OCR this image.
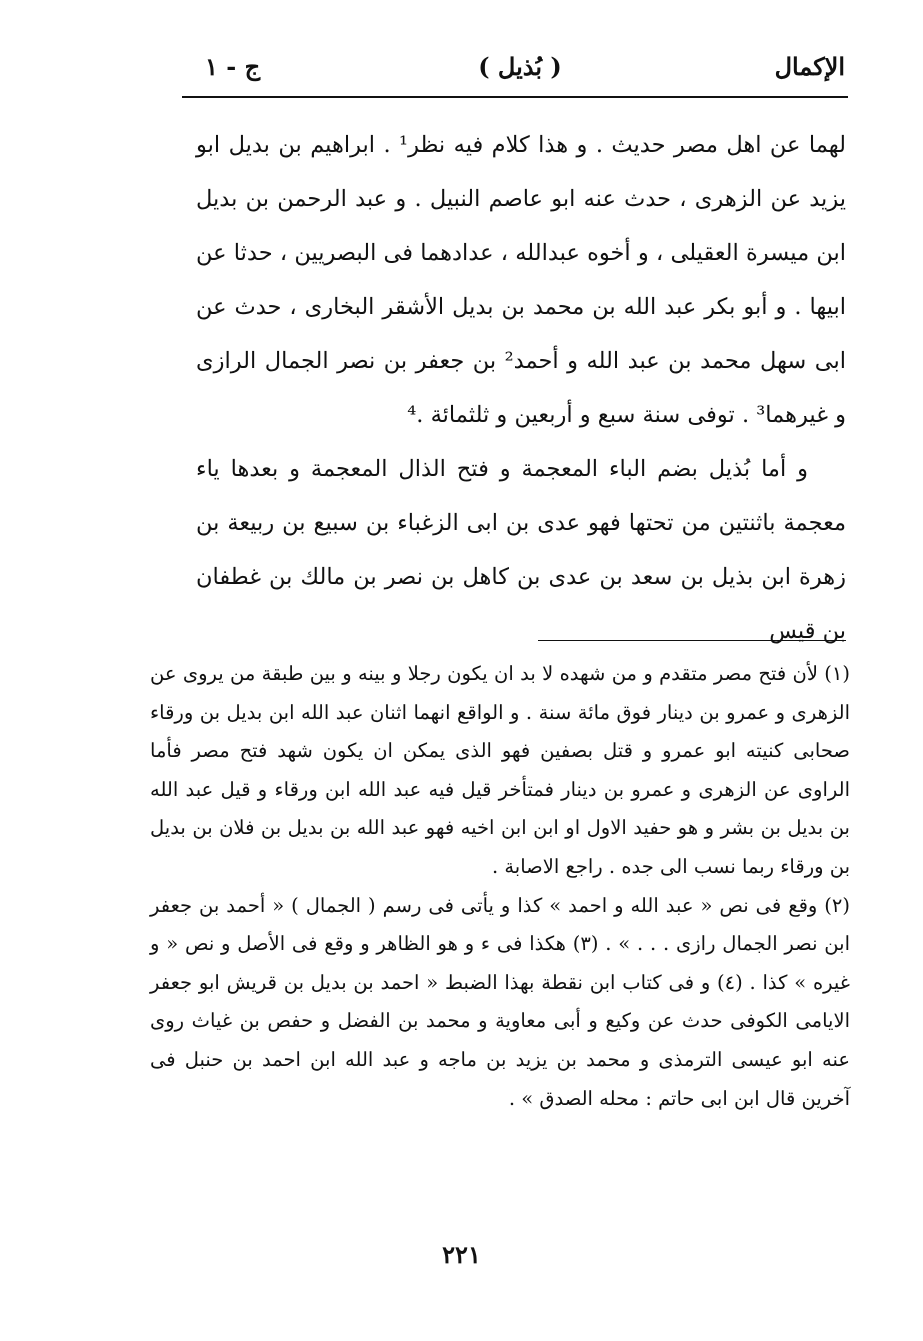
الإكمال
( بُذيل )
ج - ١

لهما عن اهل مصر حديث . و هذا كلام فيه نظر¹ . ابراهيم بن بديل ابو يزيد عن الزهرى ، حدث عنه ابو عاصم النبيل . و عبد الرحمن بن بديل ابن ميسرة العقيلى ، و أخوه عبدالله ، عدادهما فى البصريين ، حدثا عن ابيها . و أبو بكر عبد الله بن محمد بن بديل الأشقر البخارى ، حدث عن ابى سهل محمد بن عبد الله و أحمد² بن جعفر بن نصر الجمال الرازى و غيرهما³ . توفى سنة سبع و أربعين و ثلثمائة .⁴

و أما بُذيل بضم الباء المعجمة و فتح الذال المعجمة و بعدها ياء معجمة باثنتين من تحتها فهو عدى بن ابى الزغباء بن سبيع بن ربيعة بن زهرة ابن بذيل بن سعد بن عدى بن كاهل بن نصر بن مالك بن غطفان بن قيس

(١) لأن فتح مصر متقدم و من شهده لا بد ان يكون رجلا و بينه و بين طبقة من يروى عن الزهرى و عمرو بن دينار فوق مائة سنة . و الواقع انهما اثنان عبد الله ابن بديل بن ورقاء صحابى كنيته ابو عمرو و قتل بصفين فهو الذى يمكن ان يكون شهد فتح مصر فأما الراوى عن الزهرى و عمرو بن دينار فمتأخر قيل فيه عبد الله ابن ورقاء و قيل عبد الله بن بديل بن بشر و هو حفيد الاول او ابن ابن اخيه فهو عبد الله بن بديل بن فلان بن بديل بن ورقاء ربما نسب الى جده . راجع الاصابة .

(٢) وقع فى نص « عبد الله و احمد » كذا و يأتى فى رسم ( الجمال ) « أحمد بن جعفر ابن نصر الجمال رازى . . . » . (٣) هكذا فى ء و هو الظاهر و وقع فى الأصل و نص « و غيره » كذا . (٤) و فى كتاب ابن نقطة بهذا الضبط « احمد بن بديل بن قريش ابو جعفر الايامى الكوفى حدث عن وكيع و أبى معاوية و محمد بن الفضل و حفص بن غياث روى عنه ابو عيسى الترمذى و محمد بن يزيد بن ماجه و عبد الله ابن احمد بن حنبل فى آخرين قال ابن ابى حاتم : محله الصدق » .

٢٢١
